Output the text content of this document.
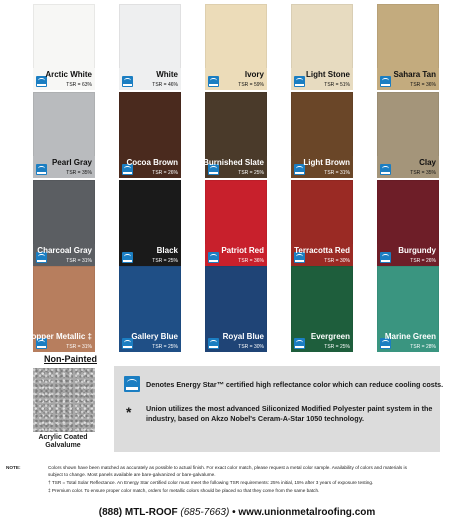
Arctic White
TSR = 63%
White
TSR = 46%
Ivory
TSR = 59%
Light Stone
TSR = 51%
Sahara Tan
TSR = 36%
Pearl Gray
TSR = 35%
Cocoa Brown
TSR = 26%
Burnished Slate
TSR = 25%
Light Brown
TSR = 31%
Clay
TSR = 35%
Charcoal Gray
TSR = 31%
Black
TSR = 25%
Patriot Red
TSR = 36%
Terracotta Red
TSR = 30%
Burgundy
TSR = 26%
Copper Metallic ‡
TSR = 31%
Gallery Blue
TSR = 25%
Royal Blue
TSR = 30%
Evergreen
TSR = 25%
Marine Green
TSR = 28%
Non-Painted
Acrylic Coated Galvalume
Denotes Energy Star™ certified high reflectance color which can reduce cooling costs.
* Union utilizes the most advanced Siliconized Modified Polyester paint system in the industry, based on Akzo Nobel's Ceram-A-Star 1050 technology.
NOTE:	Colors shown have been matched as accurately as possible to actual finish. For exact color match, please request a metal color sample. Availability of colors and materials is
subject to change. Most panels available are bare-galvanized or bare-galvalume.
† TSR = Total Solar Reflectance. An Energy Star certified color must meet the following TSR requirements: 25% initial, 15% after 3 years of exposure testing.
‡ Premium color. To ensure proper color match, orders for metallic colors should be placed so that they come from the same batch.
(888) MTL-ROOF (685-7663) • www.unionmetalroofing.com
